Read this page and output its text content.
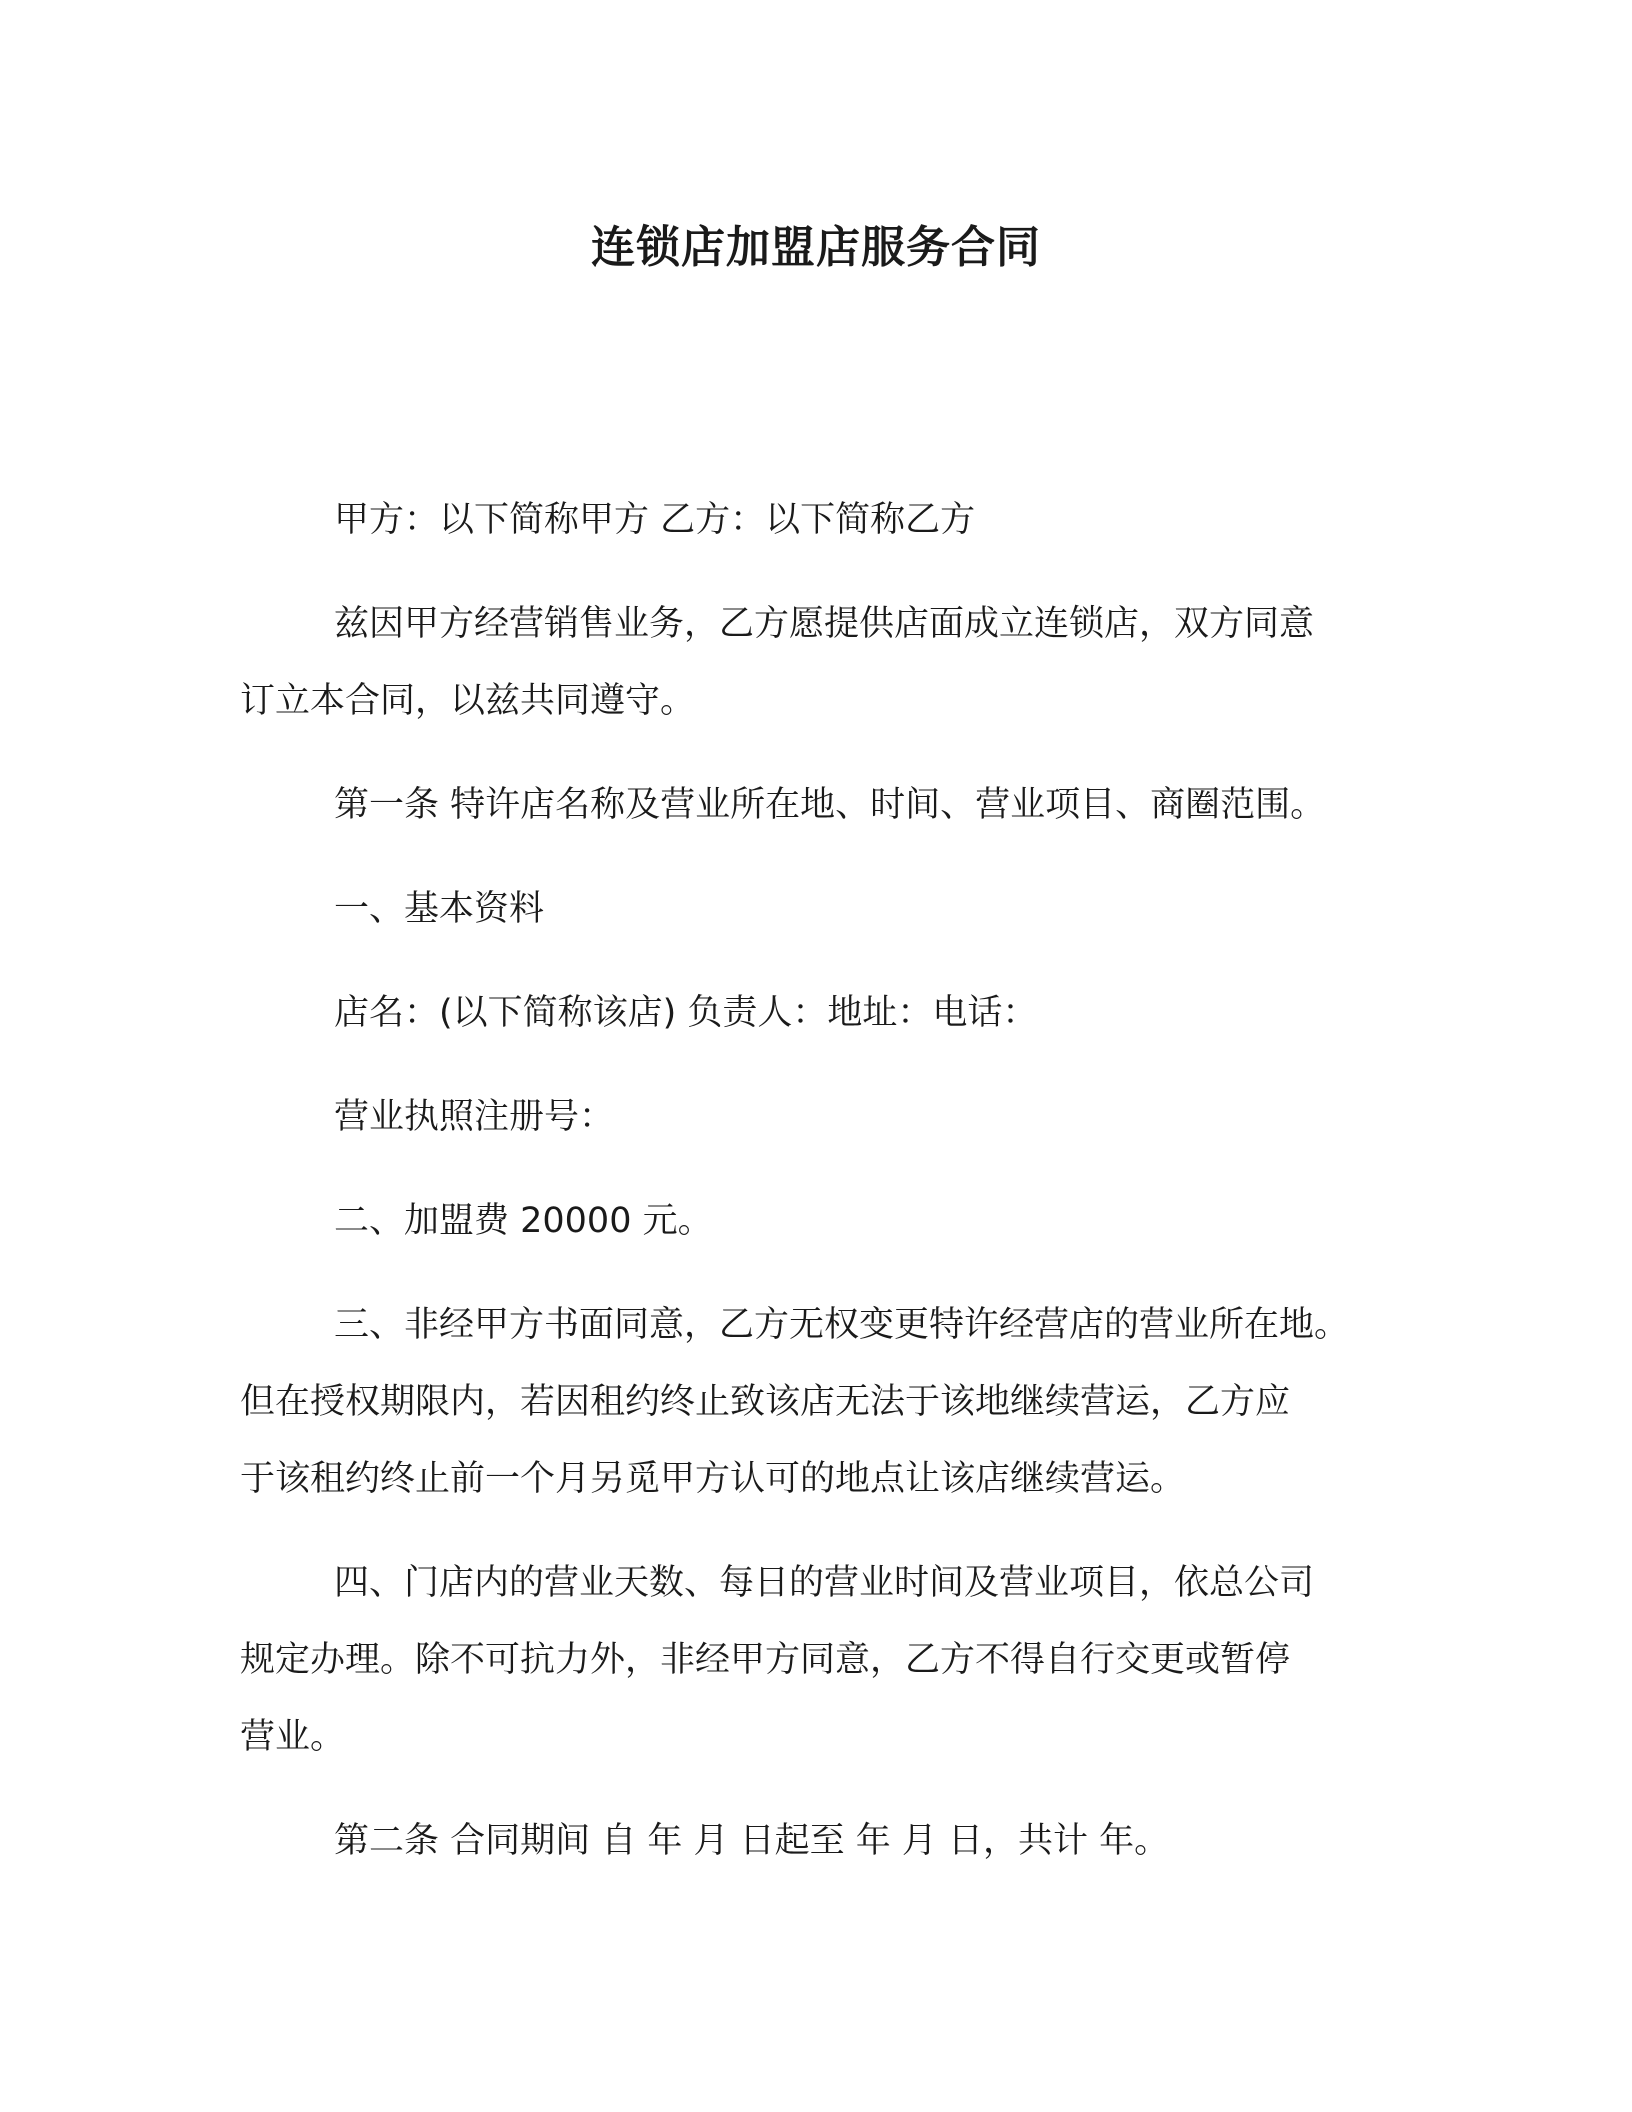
连锁店加盟店服务合同

甲方：以下简称甲方 乙方：以下简称乙方

兹因甲方经营销售业务，乙方愿提供店面成立连锁店，双方同意

订立本合同，以兹共同遵守。

第一条 特许店名称及营业所在地、时间、营业项目、商圈范围。

一、基本资料

店名：(以下简称该店) 负责人：地址：电话：

营业执照注册号：

二、加盟费 20000 元。

三、非经甲方书面同意，乙方无权变更特许经营店的营业所在地。

但在授权期限内，若因租约终止致该店无法于该地继续营运，乙方应

于该租约终止前一个月另觅甲方认可的地点让该店继续营运。

四、门店内的营业天数、每日的营业时间及营业项目，依总公司

规定办理。除不可抗力外，非经甲方同意，乙方不得自行交更或暂停

营业。

第二条 合同期间 自 年 月 日起至 年 月 日，共计 年。
